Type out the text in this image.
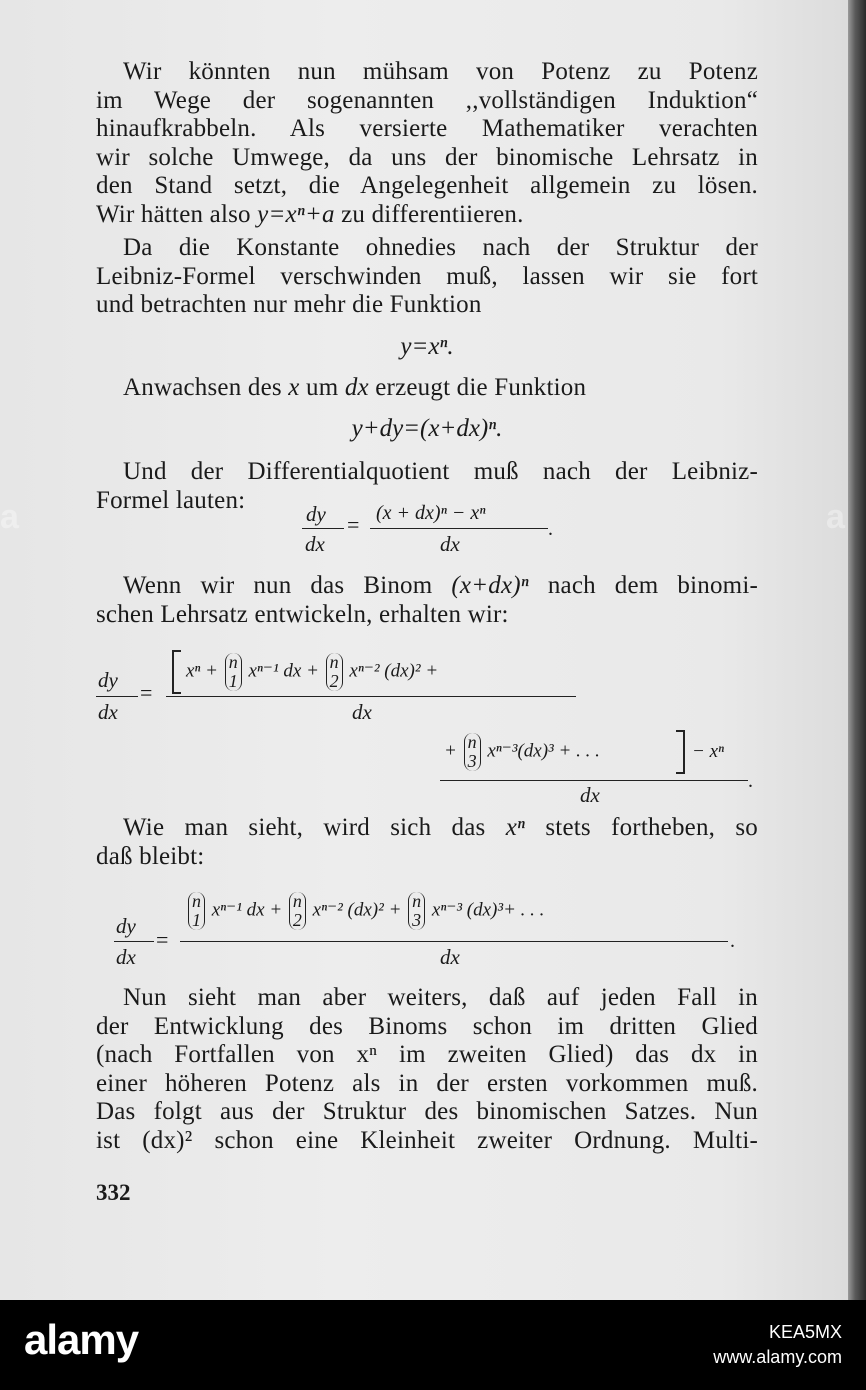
Wir könnten nun mühsam von Potenz zu Potenz
im Wege der sogenannten ,,vollständigen Induktion“
hinaufkrabbeln. Als versierte Mathematiker verachten
wir solche Umwege, da uns der binomische Lehrsatz in
den Stand setzt, die Angelegenheit allgemein zu lösen.
Wir hätten also y=xⁿ+a zu differentiieren.
Da die Konstante ohnedies nach der Struktur der
Leibniz-Formel verschwinden muß, lassen wir sie fort
und betrachten nur mehr die Funktion
y=xⁿ.
Anwachsen des x um dx erzeugt die Funktion
y+dy=(x+dx)ⁿ.
Und der Differentialquotient muß nach der Leibniz-
Formel lauten:
dy
dx
= (x + dx)ⁿ − xⁿ
dx
.
Wenn wir nun das Binom (x+dx)ⁿ nach dem binomi-
schen Lehrsatz entwickeln, erhalten wir:
dy
dx
=
xⁿ + n
1 xⁿ⁻¹ dx + n
2 xⁿ⁻² (dx)² +
dx
+ n
3 xⁿ⁻³(dx)³ + . . .	− xⁿ
dx
.
Wie man sieht, wird sich das xⁿ stets fortheben, so
daß bleibt:
dy
dx
=
n
1 xⁿ⁻¹ dx + n
2 xⁿ⁻² (dx)² + n
3 xⁿ⁻³ (dx)³+ . . .
dx
.
Nun sieht man aber weiters, daß auf jeden Fall in
der Entwicklung des Binoms schon im dritten Glied
(nach Fortfallen von xⁿ im zweiten Glied) das dx in
einer höheren Potenz als in der ersten vorkommen muß.
Das folgt aus der Struktur des binomischen Satzes. Nun
ist (dx)² schon eine Kleinheit zweiter Ordnung. Multi-
332
a	a
alamy	KEA5MX
www.alamy.com
